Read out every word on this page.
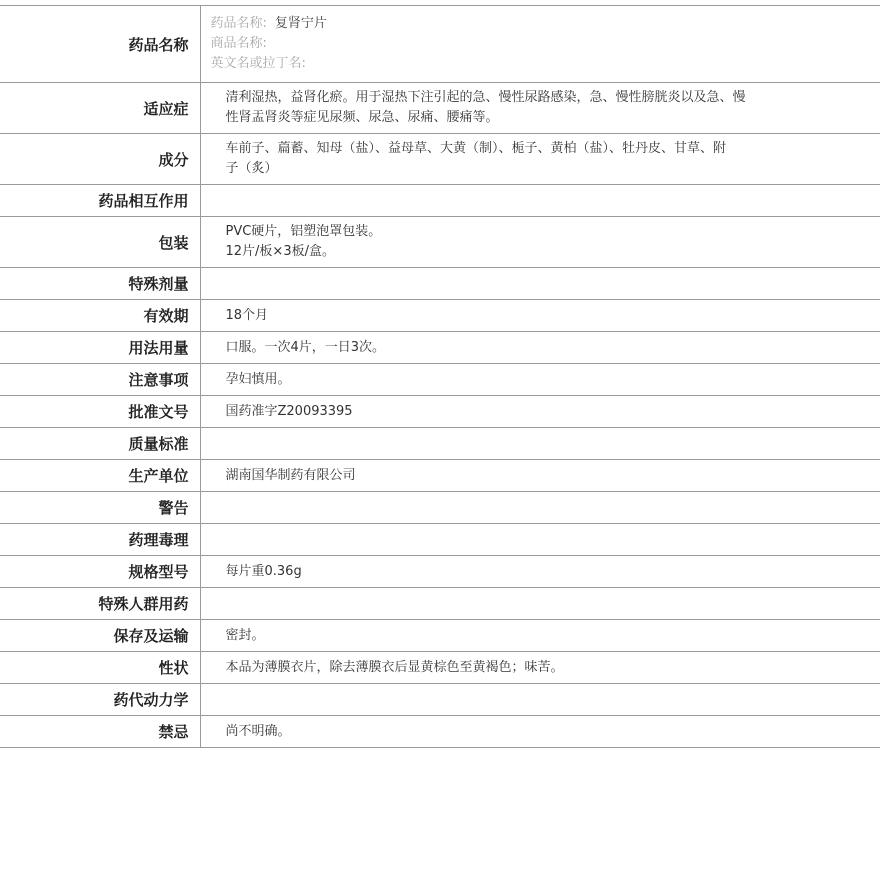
药品名称	药品名称: 复肾宁片
商品名称:
英文名或拉丁名:

适应症	清利湿热，益肾化瘀。用于湿热下注引起的急、慢性尿路感染，急、慢性膀胱炎以及急、慢
性肾盂肾炎等症见尿频、尿急、尿痛、腰痛等。

成分	车前子、萹蓄、知母（盐）、益母草、大黄（制）、栀子、黄柏（盐）、牡丹皮、甘草、附
子（炙）

药品相互作用	
包装	PVC硬片，铝塑泡罩包装。
12片/板×3板/盒。

特殊剂量	
有效期	18个月

用法用量	口服。一次4片，一日3次。

注意事项	孕妇慎用。

批准文号	国药准字Z20093395

质量标准	
生产单位	湖南国华制药有限公司

警告	
药理毒理	
规格型号	每片重0.36g

特殊人群用药	
保存及运输	密封。

性状	本品为薄膜衣片，除去薄膜衣后显黄棕色至黄褐色；味苦。

药代动力学	
禁忌	尚不明确。
